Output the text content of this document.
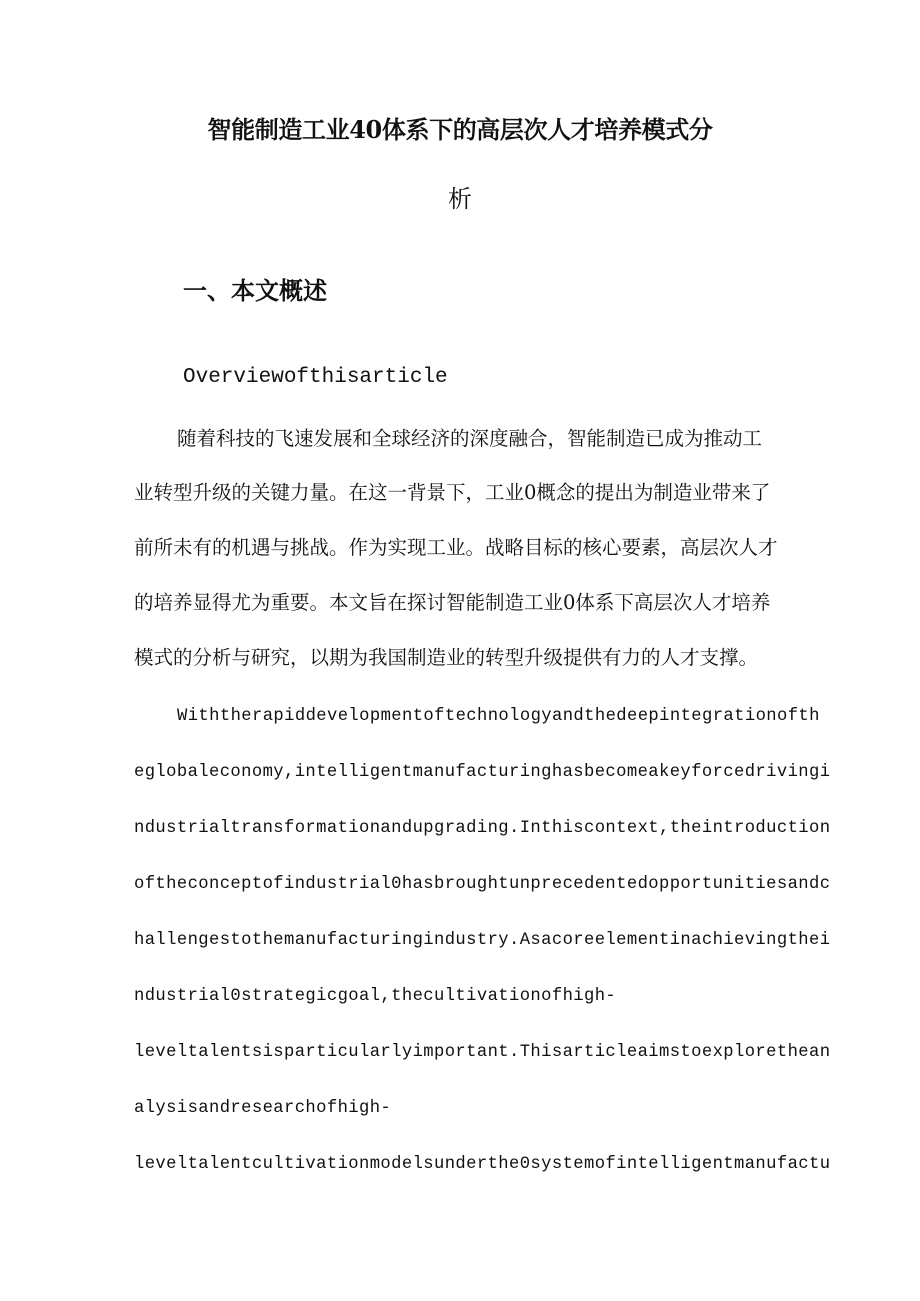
智能制造工业40体系下的高层次人才培养模式分
析
一、本文概述
Overviewofthisarticle
随着科技的飞速发展和全球经济的深度融合，智能制造已成为推动工
业转型升级的关键力量。在这一背景下，工业0概念的提出为制造业带来了
前所未有的机遇与挑战。作为实现工业。战略目标的核心要素，高层次人才
的培养显得尤为重要。本文旨在探讨智能制造工业0体系下高层次人才培养
模式的分析与研究，以期为我国制造业的转型升级提供有力的人才支撑。
Withtherapiddevelopmentoftechnologyandthedeepintegrationofth
eglobaleconomy,intelligentmanufacturinghasbecomeakeyforcedrivingi
ndustrialtransformationandupgrading.Inthiscontext,theintroduction
oftheconceptofindustrial0hasbroughtunprecedentedopportunitiesandc
hallengestothemanufacturingindustry.Asacoreelementinachievingthei
ndustrial0strategicgoal,thecultivationofhigh-
leveltalentsisparticularlyimportant.Thisarticleaimstoexplorethean
alysisandresearchofhigh-
leveltalentcultivationmodelsunderthe0systemofintelligentmanufactu
